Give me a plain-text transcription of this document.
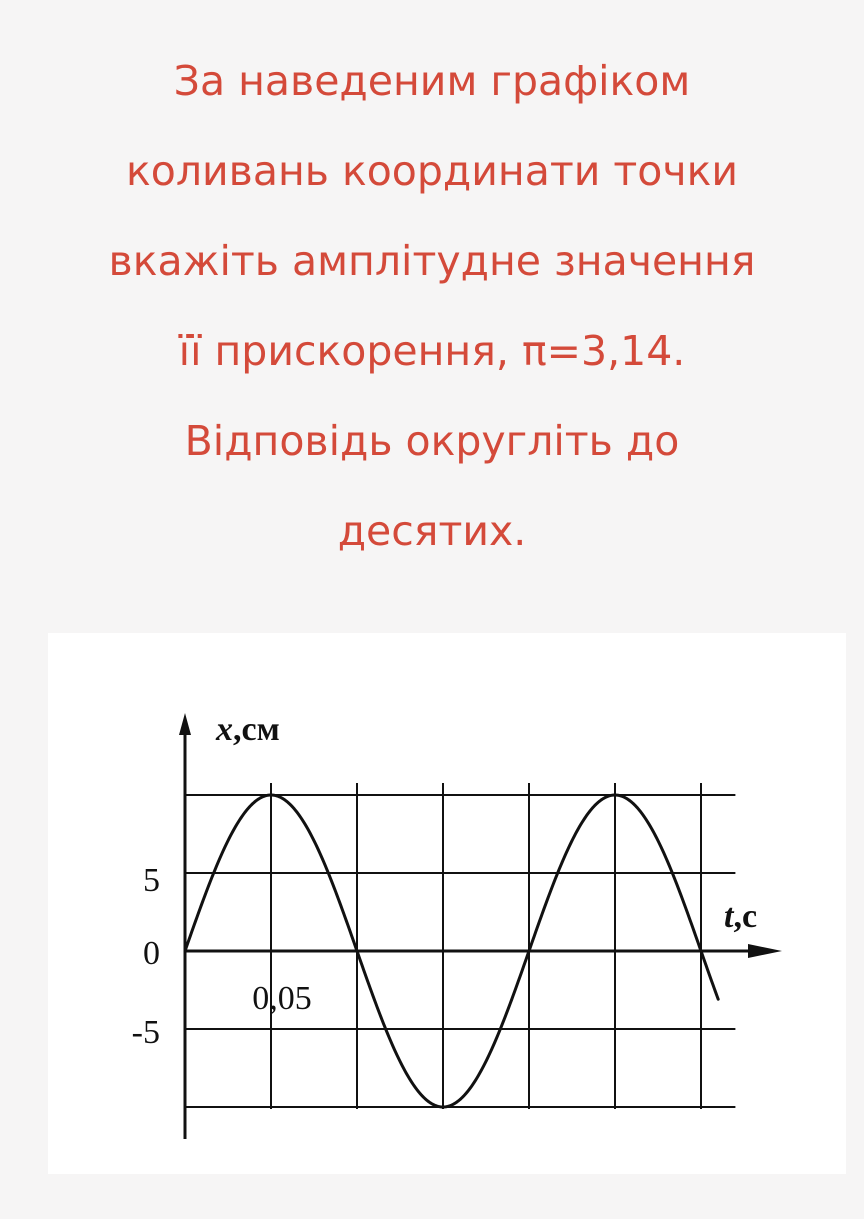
За наведеним графіком
коливань координати точки
вкажіть амплітудне значення
її прискорення, π=3,14.
Відповідь округліть до
десятих.
x,см
t,c
5
0
-5
0,05
